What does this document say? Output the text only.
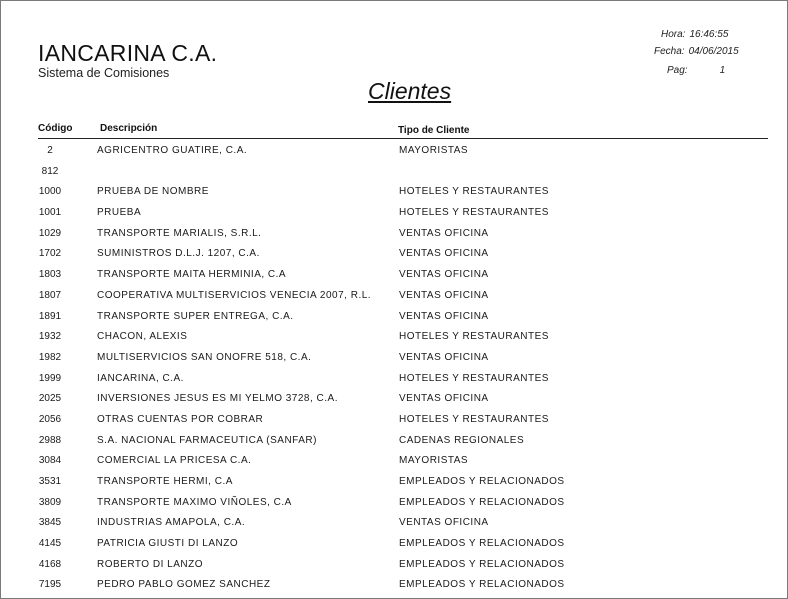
IANCARINA C.A.
Sistema de Comisiones
Clientes
Hora: 16:46:55
Fecha: 04/06/2015
Pag:	1
Código	Descripción	Tipo de Cliente
2	AGRICENTRO GUATIRE, C.A.	MAYORISTAS
812
1000	PRUEBA DE NOMBRE	HOTELES Y RESTAURANTES
1001	PRUEBA	HOTELES Y RESTAURANTES
1029	TRANSPORTE MARIALIS, S.R.L.	VENTAS OFICINA
1702	SUMINISTROS D.L.J. 1207, C.A.	VENTAS OFICINA
1803	TRANSPORTE MAITA HERMINIA, C.A	VENTAS OFICINA
1807	COOPERATIVA MULTISERVICIOS VENECIA 2007, R.L.	VENTAS OFICINA
1891	TRANSPORTE SUPER ENTREGA, C.A.	VENTAS OFICINA
1932	CHACON, ALEXIS	HOTELES Y RESTAURANTES
1982	MULTISERVICIOS SAN ONOFRE 518, C.A.	VENTAS OFICINA
1999	IANCARINA, C.A.	HOTELES Y RESTAURANTES
2025	INVERSIONES JESUS ES MI YELMO 3728, C.A.	VENTAS OFICINA
2056	OTRAS CUENTAS POR COBRAR	HOTELES Y RESTAURANTES
2988	S.A. NACIONAL FARMACEUTICA (SANFAR)	CADENAS REGIONALES
3084	COMERCIAL LA PRICESA C.A.	MAYORISTAS
3531	TRANSPORTE HERMI, C.A	EMPLEADOS Y RELACIONADOS
3809	TRANSPORTE MAXIMO VIÑOLES, C.A	EMPLEADOS Y RELACIONADOS
3845	INDUSTRIAS AMAPOLA, C.A.	VENTAS OFICINA
4145	PATRICIA GIUSTI DI LANZO	EMPLEADOS Y RELACIONADOS
4168	ROBERTO DI LANZO	EMPLEADOS Y RELACIONADOS
7195	PEDRO PABLO GOMEZ SANCHEZ	EMPLEADOS Y RELACIONADOS
